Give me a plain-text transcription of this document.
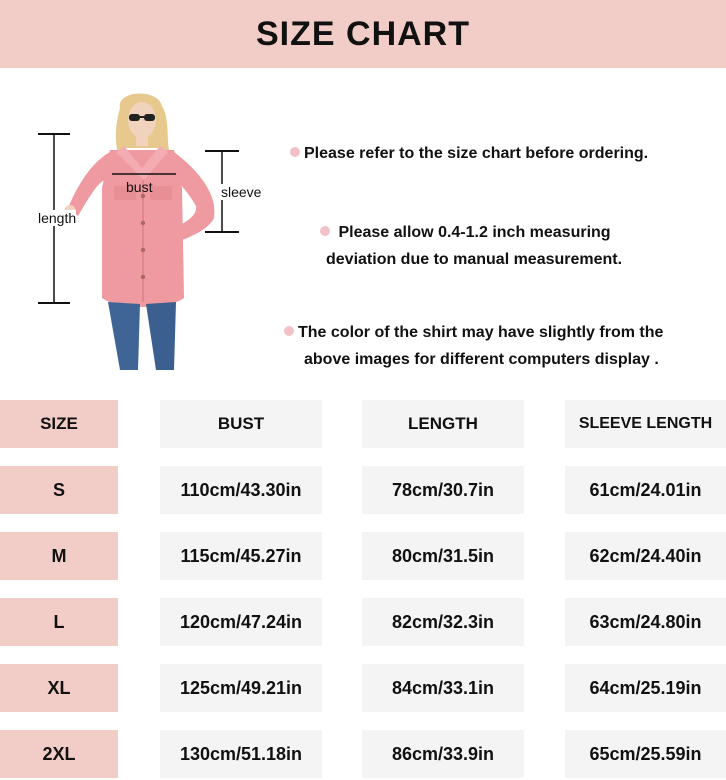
SIZE CHART
length
bust	sleeve
Please refer to the size chart before ordering.
Please allow 0.4-1.2 inch measuring
deviation due to manual measurement.
The color of the shirt may have slightly from the
above images for different computers display .
SIZE	BUST	LENGTH	SLEEVE LENGTH
S	110cm/43.30in	78cm/30.7in	61cm/24.01in
M	115cm/45.27in	80cm/31.5in	62cm/24.40in
L	120cm/47.24in	82cm/32.3in	63cm/24.80in
XL	125cm/49.21in	84cm/33.1in	64cm/25.19in
2XL	130cm/51.18in	86cm/33.9in	65cm/25.59in
